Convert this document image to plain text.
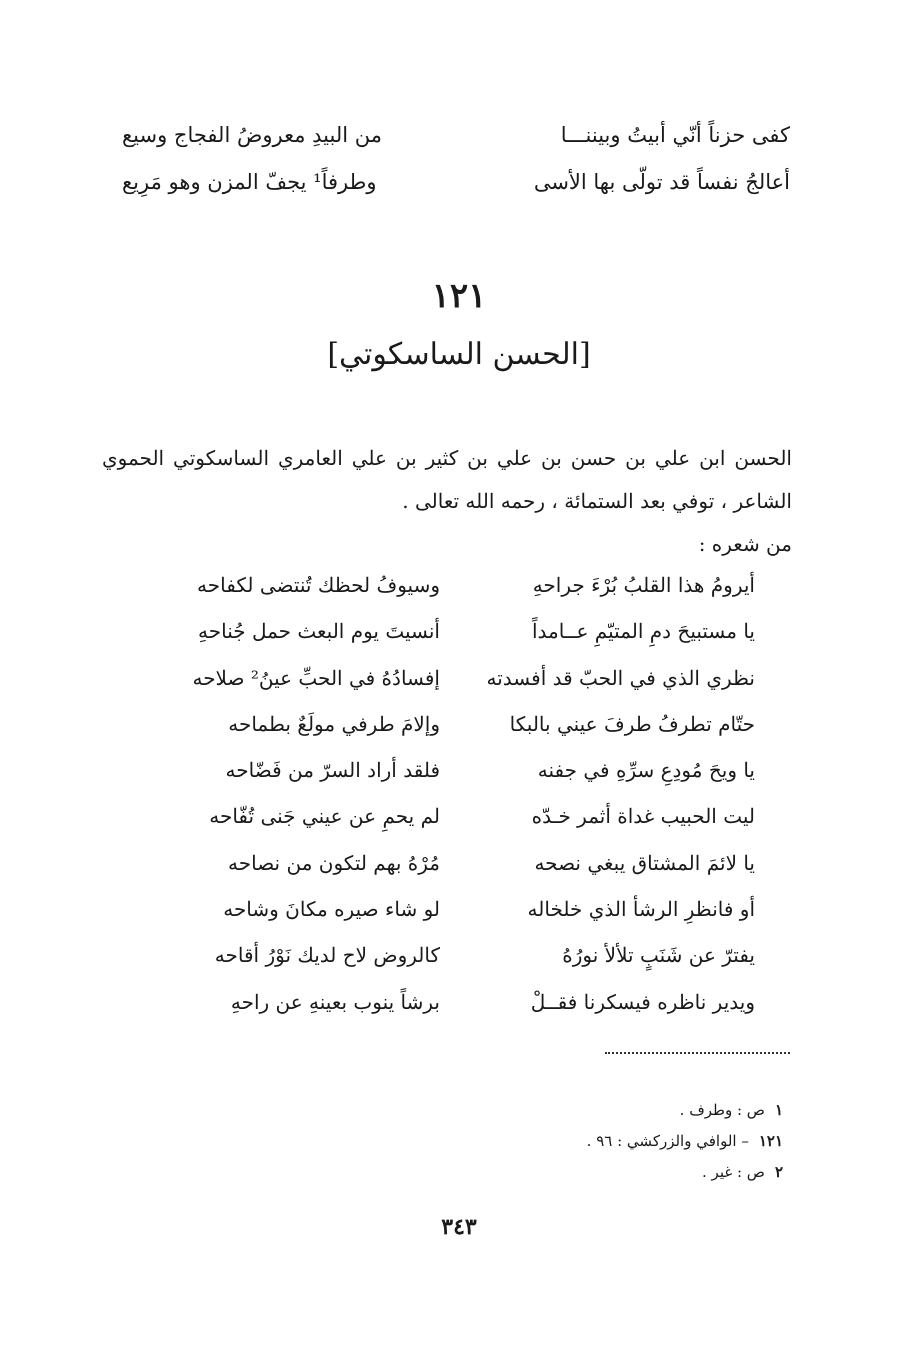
كفى حزناً أنّي أبيتُ وبيننـــا
من البيدِ معروضُ الفجاج وسيع
أعالجُ نفساً قد تولّى بها الأسى
وطرفاً¹ يجفّ المزن وهو مَرِيع
١٢١
[الحسن الساسكوتي]

الحسن ابن علي بن حسن بن علي بن كثير بن علي العامري الساسكوتي الحموي

الشاعر ، توفي بعد الستمائة ، رحمه الله تعالى .

من شعره :

أيرومُ هذا القلبُ بُرْءَ جراحهِ
وسيوفُ لحظك تُنتضى لكفاحه
يا مستبيحَ دمِ المتيّمِ عــامداً
أنسيتَ يوم البعث حمل جُناحهِ
نظري الذي في الحبّ قد أفسدته
إفسادُهُ في الحبِّ عينُ² صلاحه
حتّام تطرفُ طرفَ عيني بالبكا
وإلامَ طرفي مولَعٌ بطماحه
يا ويحَ مُودِعِ سرِّهِ في جفنه
فلقد أراد السرّ من فَضّاحه
ليت الحبيب غداة أثمر خـدّه
لم يحمِ عن عيني جَنى تُفّاحه
يا لائمَ المشتاق يبغي نصحه
مُرْهُ بهم لتكون من نصاحه
أو فانظرِ الرشأ الذي خلخاله
لو شاء صيره مكانَ وشاحه
يفترّ عن شَنَبٍ تلألأ نورُهُ
كالروض لاح لديك نَوْرُ أقاحه
ويدير ناظره فيسكرنا فقــلْ
برشاً ينوب بعينهِ عن راحهِ

١ص : وطرف .

١٢١– الوافي والزركشي : ٩٦ .

٢ص : غير .

٣٤٣
